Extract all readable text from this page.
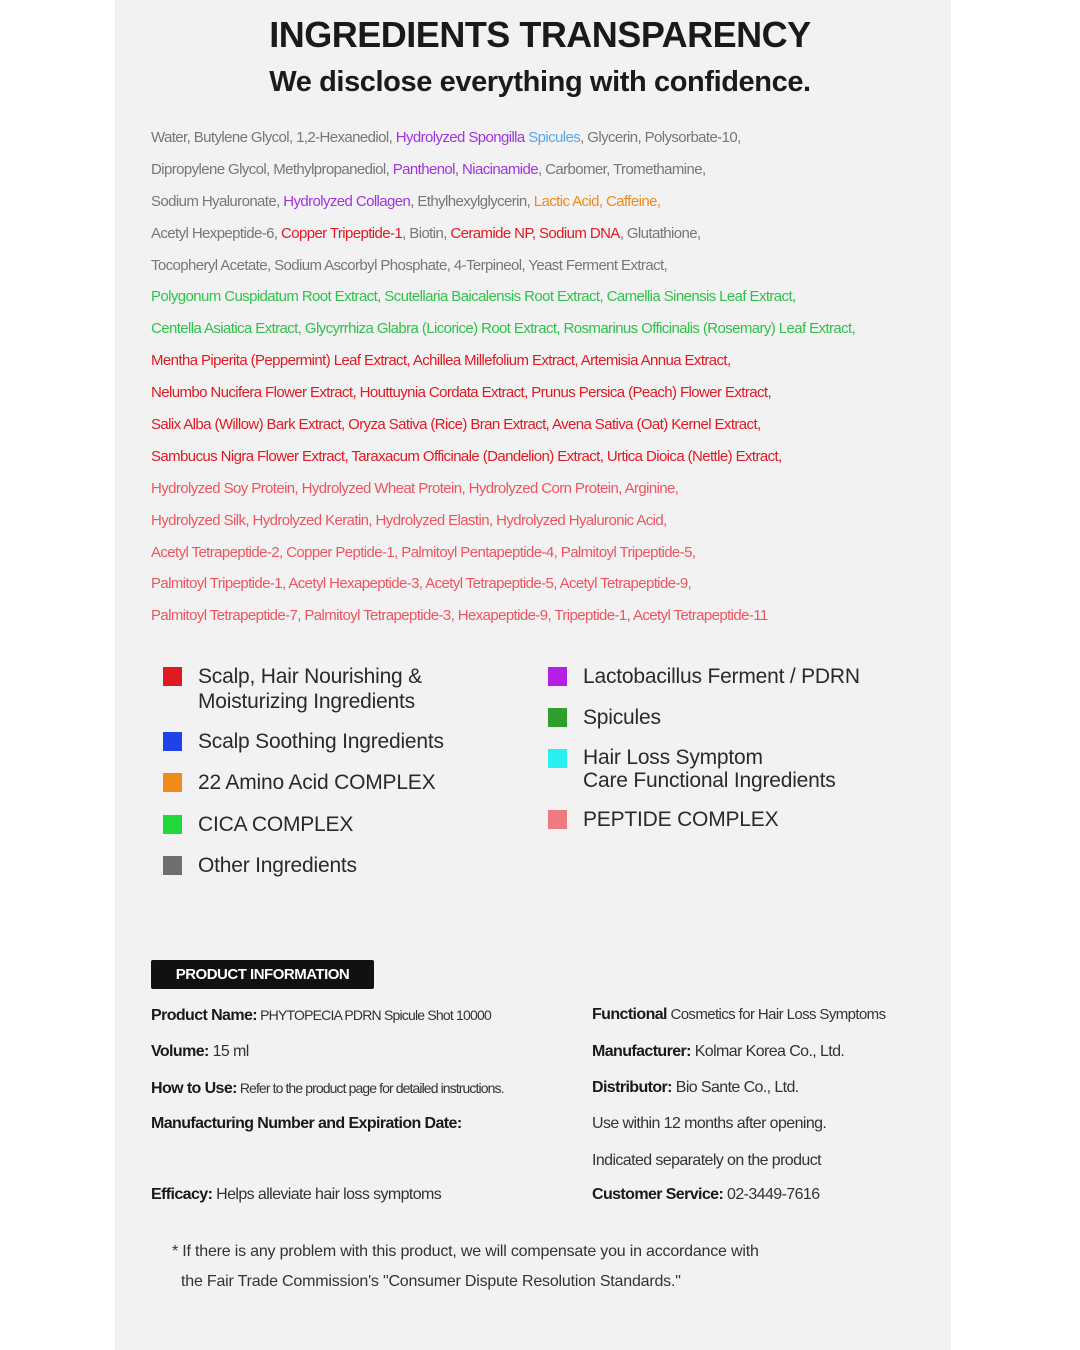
INGREDIENTS TRANSPARENCY
We disclose everything with confidence.
Water, Butylene Glycol, 1,2-Hexanediol, Hydrolyzed Spongilla Spicules, Glycerin, Polysorbate-10,
Dipropylene Glycol, Methylpropanediol, Panthenol, Niacinamide, Carbomer, Tromethamine,
Sodium Hyaluronate, Hydrolyzed Collagen, Ethylhexylglycerin, Lactic Acid, Caffeine,
Acetyl Hexpeptide-6, Copper Tripeptide-1, Biotin, Ceramide NP, Sodium DNA, Glutathione,
Tocopheryl Acetate, Sodium Ascorbyl Phosphate, 4-Terpineol, Yeast Ferment Extract,
Polygonum Cuspidatum Root Extract, Scutellaria Baicalensis Root Extract, Camellia Sinensis Leaf Extract,
Centella Asiatica Extract, Glycyrrhiza Glabra (Licorice) Root Extract, Rosmarinus Officinalis (Rosemary) Leaf Extract,
Mentha Piperita (Peppermint) Leaf Extract, Achillea Millefolium Extract, Artemisia Annua Extract,
Nelumbo Nucifera Flower Extract, Houttuynia Cordata Extract, Prunus Persica (Peach) Flower Extract,
Salix Alba (Willow) Bark Extract, Oryza Sativa (Rice) Bran Extract, Avena Sativa (Oat) Kernel Extract,
Sambucus Nigra Flower Extract, Taraxacum Officinale (Dandelion) Extract, Urtica Dioica (Nettle) Extract,
Hydrolyzed Soy Protein, Hydrolyzed Wheat Protein, Hydrolyzed Corn Protein, Arginine,
Hydrolyzed Silk, Hydrolyzed Keratin, Hydrolyzed Elastin, Hydrolyzed Hyaluronic Acid,
Acetyl Tetrapeptide-2, Copper Peptide-1, Palmitoyl Pentapeptide-4, Palmitoyl Tripeptide-5,
Palmitoyl Tripeptide-1, Acetyl Hexapeptide-3, Acetyl Tetrapeptide-5, Acetyl Tetrapeptide-9,
Palmitoyl Tetrapeptide-7, Palmitoyl Tetrapeptide-3, Hexapeptide-9, Tripeptide-1, Acetyl Tetrapeptide-11
Scalp, Hair Nourishing &
Moisturizing Ingredients
Scalp Soothing Ingredients
22 Amino Acid COMPLEX
CICA COMPLEX
Other Ingredients
Lactobacillus Ferment / PDRN
Spicules
Hair Loss Symptom
Care Functional Ingredients
PEPTIDE COMPLEX
PRODUCT INFORMATION
Product Name: PHYTOPECIA PDRN Spicule Shot 10000	Functional Cosmetics for Hair Loss Symptoms
Volume: 15 ml	Manufacturer: Kolmar Korea Co., Ltd.
How to Use: Refer to the product page for detailed instructions.	Distributor: Bio Sante Co., Ltd.
Manufacturing Number and Expiration Date:	Use within 12 months after opening.
Indicated separately on the product
Efficacy: Helps alleviate hair loss symptoms	Customer Service: 02-3449-7616
* If there is any problem with this product, we will compensate you in accordance with
the Fair Trade Commission's "Consumer Dispute Resolution Standards."
